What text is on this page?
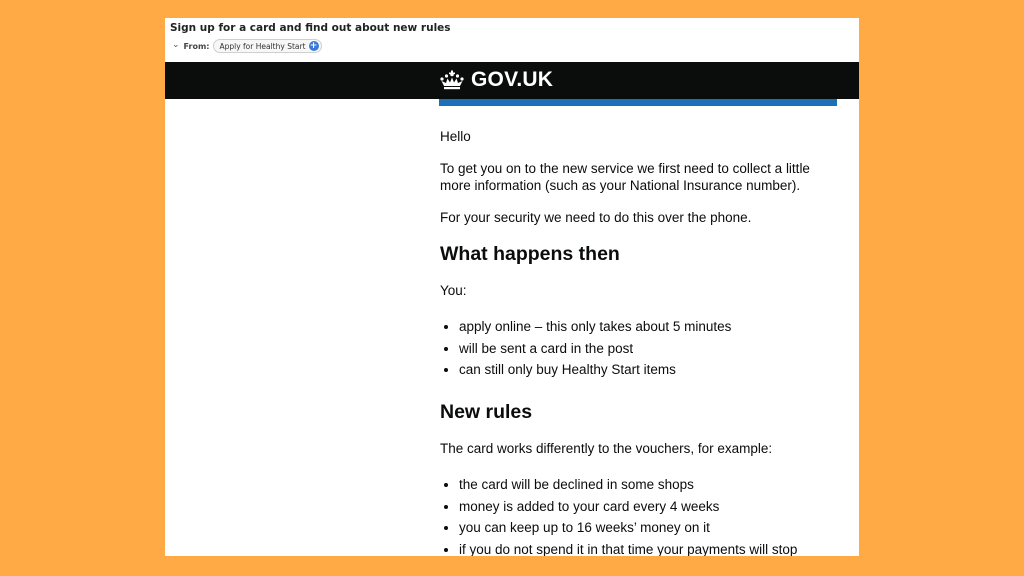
Sign up for a card and find out about new rules
⌄ From: Apply for Healthy Start +
GOV.UK

Hello

To get you on to the new service we first need to collect a little more information (such as your National Insurance number).

For your security we need to do this over the phone.

What happens then

You:

• apply online – this only takes about 5 minutes
• will be sent a card in the post
• can still only buy Healthy Start items
New rules

The card works differently to the vouchers, for example:

• the card will be declined in some shops
• money is added to your card every 4 weeks
• you can keep up to 16 weeks’ money on it
• if you do not spend it in that time your payments will stop
